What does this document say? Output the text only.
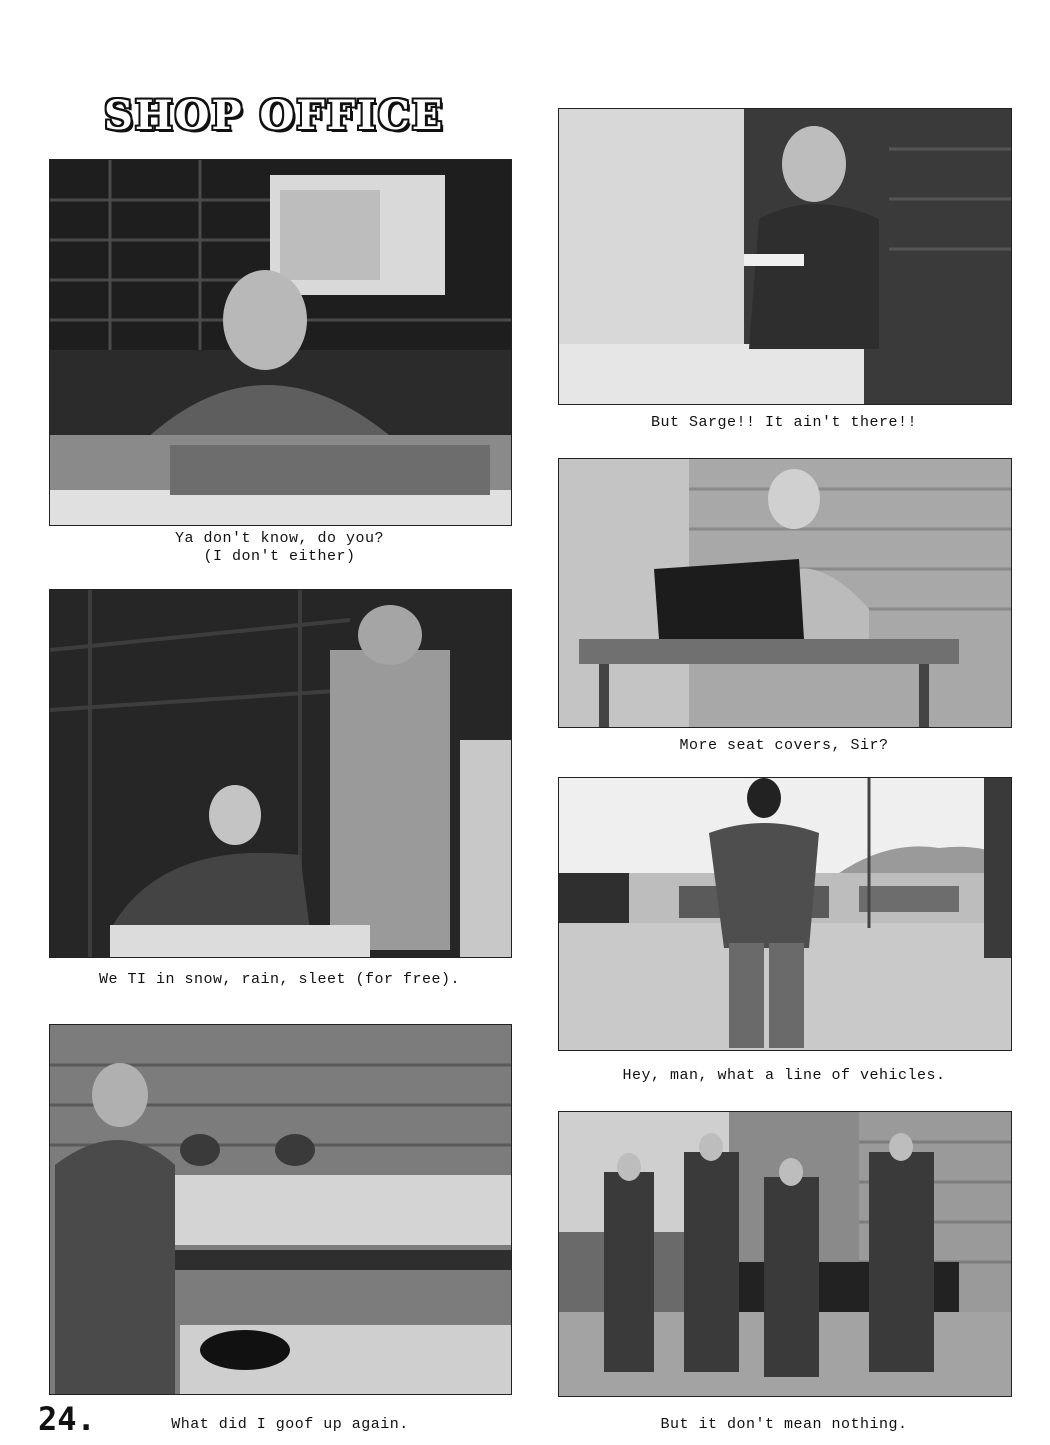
SHOP OFFICE
Ya don't know, do you?
(I don't either)
We TI in snow, rain, sleet (for free).
What did I goof up again.
But Sarge!! It ain't there!!
More seat covers, Sir?
Hey, man, what a line of vehicles.
But it don't mean nothing.
24.
